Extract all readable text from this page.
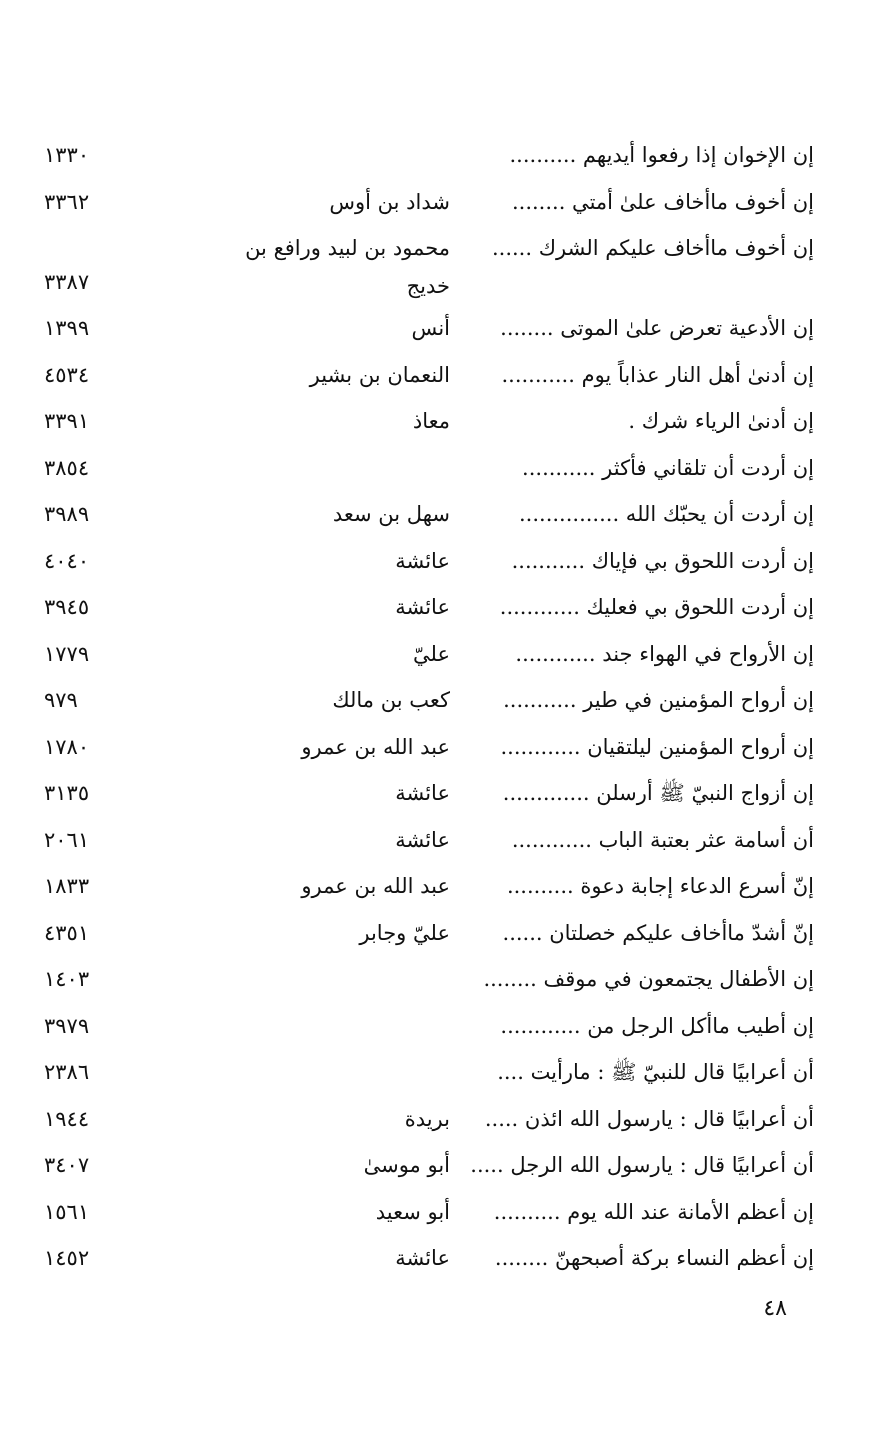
إن الإخوان إذا رفعوا أيديهم ..........
١٣٣٠
إن أخوف ماأخاف علىٰ أمتي ........
شداد بن أوس
٣٣٦٢
إن أخوف ماأخاف عليكم الشرك ......
محمود بن لبيد ورافع بن خديج
٣٣٨٧
إن الأدعية تعرض علىٰ الموتى ........
أنس
١٣٩٩
إن أدنىٰ أهل النار عذاباً يوم ...........
النعمان بن بشير
٤٥٣٤
إن أدنىٰ الرياء شرك .
معاذ
٣٣٩١
إن أردت أن تلقاني فأكثر ...........
٣٨٥٤
إن أردت أن يحبّك الله ...............
سهل بن سعد
٣٩٨٩
إن أردت اللحوق بي فإياك ...........
عائشة
٤٠٤٠
إن أردت اللحوق بي فعليك ............
عائشة
٣٩٤٥
إن الأرواح في الهواء جند ............
عليّ
١٧٧٩
إن أرواح المؤمنين في طير ...........
كعب بن مالك
٩٧٩
إن أرواح المؤمنين ليلتقيان ............
عبد الله بن عمرو
١٧٨٠
إن أزواج النبيّ ﷺ أرسلن .............
عائشة
٣١٣٥
أن أسامة عثر بعتبة الباب ............
عائشة
٢٠٦١
إنّ أسرع الدعاء إجابة دعوة ..........
عبد الله بن عمرو
١٨٣٣
إنّ أشدّ ماأخاف عليكم خصلتان ......
عليّ وجابر
٤٣٥١
إن الأطفال يجتمعون في موقف ........
١٤٠٣
إن أطيب ماأكل الرجل من ............
٣٩٧٩
أن أعرابيًا قال للنبيّ ﷺ : مارأيت ....
٢٣٨٦
أن أعرابيًا قال : يارسول الله ائذن .....
بريدة
١٩٤٤
أن أعرابيًا قال : يارسول الله الرجل .....
أبو موسىٰ
٣٤٠٧
إن أعظم الأمانة عند الله يوم ..........
أبو سعيد
١٥٦١
إن أعظم النساء بركة أصبحهنّ ........
عائشة
١٤٥٢
٤٨
